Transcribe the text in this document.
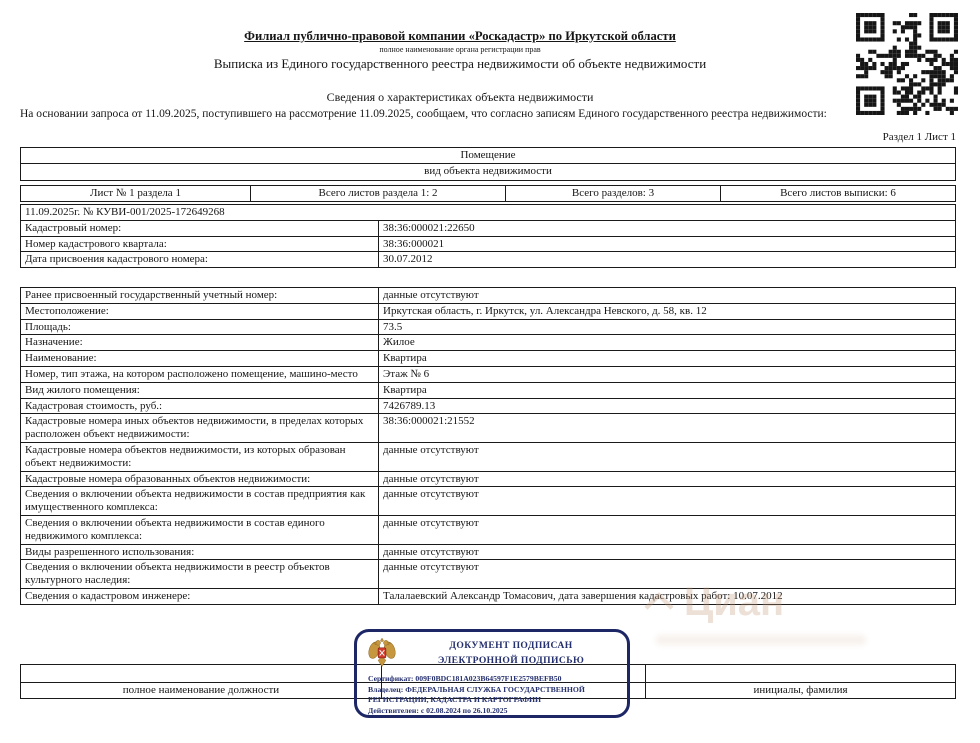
Филиал публично-правовой компании «Роскадастр» по Иркутской области
полное наименование органа регистрации прав
Выписка из Единого государственного реестра недвижимости об объекте недвижимости
Сведения о характеристиках объекта недвижимости
На основании запроса от 11.09.2025, поступившего на рассмотрение 11.09.2025, сообщаем, что согласно записям Единого государственного реестра недвижимости:
Раздел 1 Лист 1
Помещение
вид объекта недвижимости
Лист № 1 раздела 1	Всего листов раздела 1: 2	Всего разделов: 3	Всего листов выписки: 6
11.09.2025г. № КУВИ-001/2025-172649268
Кадастровый номер:	38:36:000021:22650
Номер кадастрового квартала:	38:36:000021
Дата присвоения кадастрового номера:	30.07.2012
Ранее присвоенный государственный учетный номер:	данные отсутствуют
Местоположение:	Иркутская область, г. Иркутск, ул. Александра Невского, д. 58, кв. 12
Площадь:	73.5
Назначение:	Жилое
Наименование:	Квартира
Номер, тип этажа, на котором расположено помещение, машино-место	Этаж № 6
Вид жилого помещения:	Квартира
Кадастровая стоимость, руб.:	7426789.13
Кадастровые номера иных объектов недвижимости, в пределах которых расположен объект недвижимости:
38:36:000021:21552
Кадастровые номера объектов недвижимости, из которых образован объект недвижимости:
данные отсутствуют
Кадастровые номера образованных объектов недвижимости:	данные отсутствуют
Сведения о включении объекта недвижимости в состав предприятия как имущественного комплекса:
данные отсутствуют
Сведения о включении объекта недвижимости в состав единого недвижимого комплекса:
данные отсутствуют
Виды разрешенного использования:	данные отсутствуют
Сведения о включении объекта недвижимости в реестр объектов культурного наследия:
данные отсутствуют
Сведения о кадастровом инженере:	Талалаевский Александр Томасович, дата завершения кадастровых работ: 10.07.2012
Циан
полное наименование должности	инициалы, фамилия
ДОКУМЕНТ ПОДПИСАН
ЭЛЕКТРОННОЙ ПОДПИСЬЮ
Сертификат: 009F0BDC181A023B64597F1E2579BEFB50
Владелец: ФЕДЕРАЛЬНАЯ СЛУЖБА ГОСУДАРСТВЕННОЙ РЕГИСТРАЦИИ, КАДАСТРА И КАРТОГРАФИИ
Действителен: с 02.08.2024 по 26.10.2025
